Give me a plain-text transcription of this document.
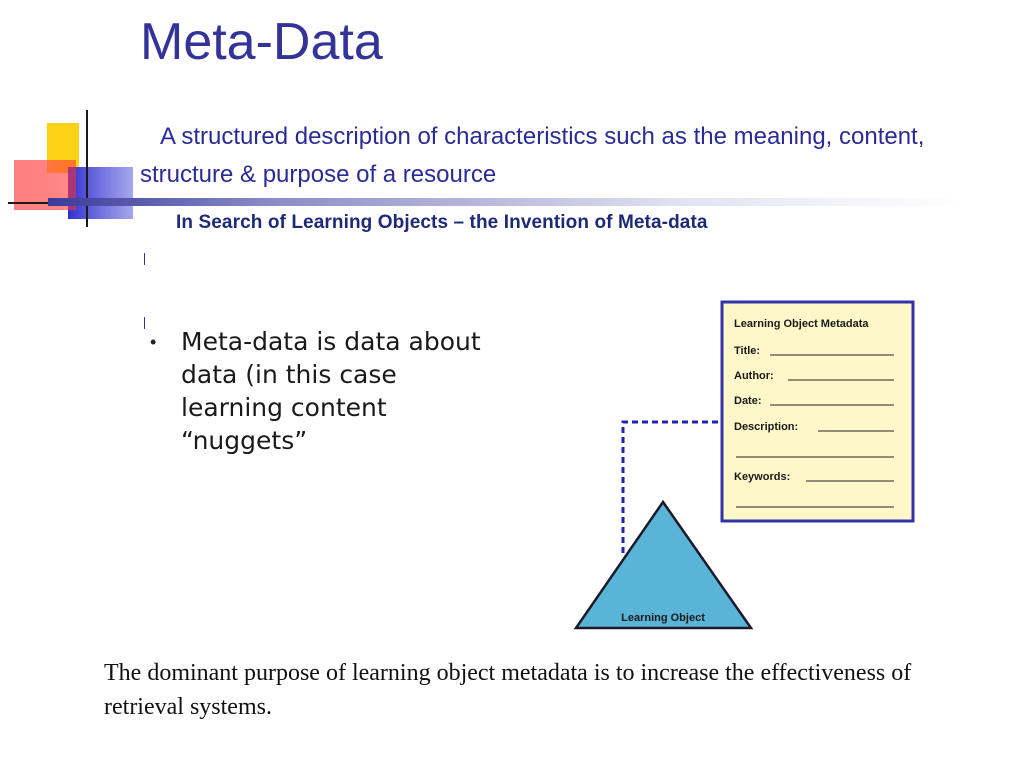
Meta-Data
A structured description of characteristics such as the meaning, content, structure & purpose of a resource
In Search of Learning Objects – the Invention of Meta-data
• Meta-data is data about data (in this case learning content “nuggets”
Learning Object Metadata
Title:
Author:
Date:
Description:
Keywords:
Learning Object
The dominant purpose of learning object metadata is to increase the effectiveness of retrieval systems.
